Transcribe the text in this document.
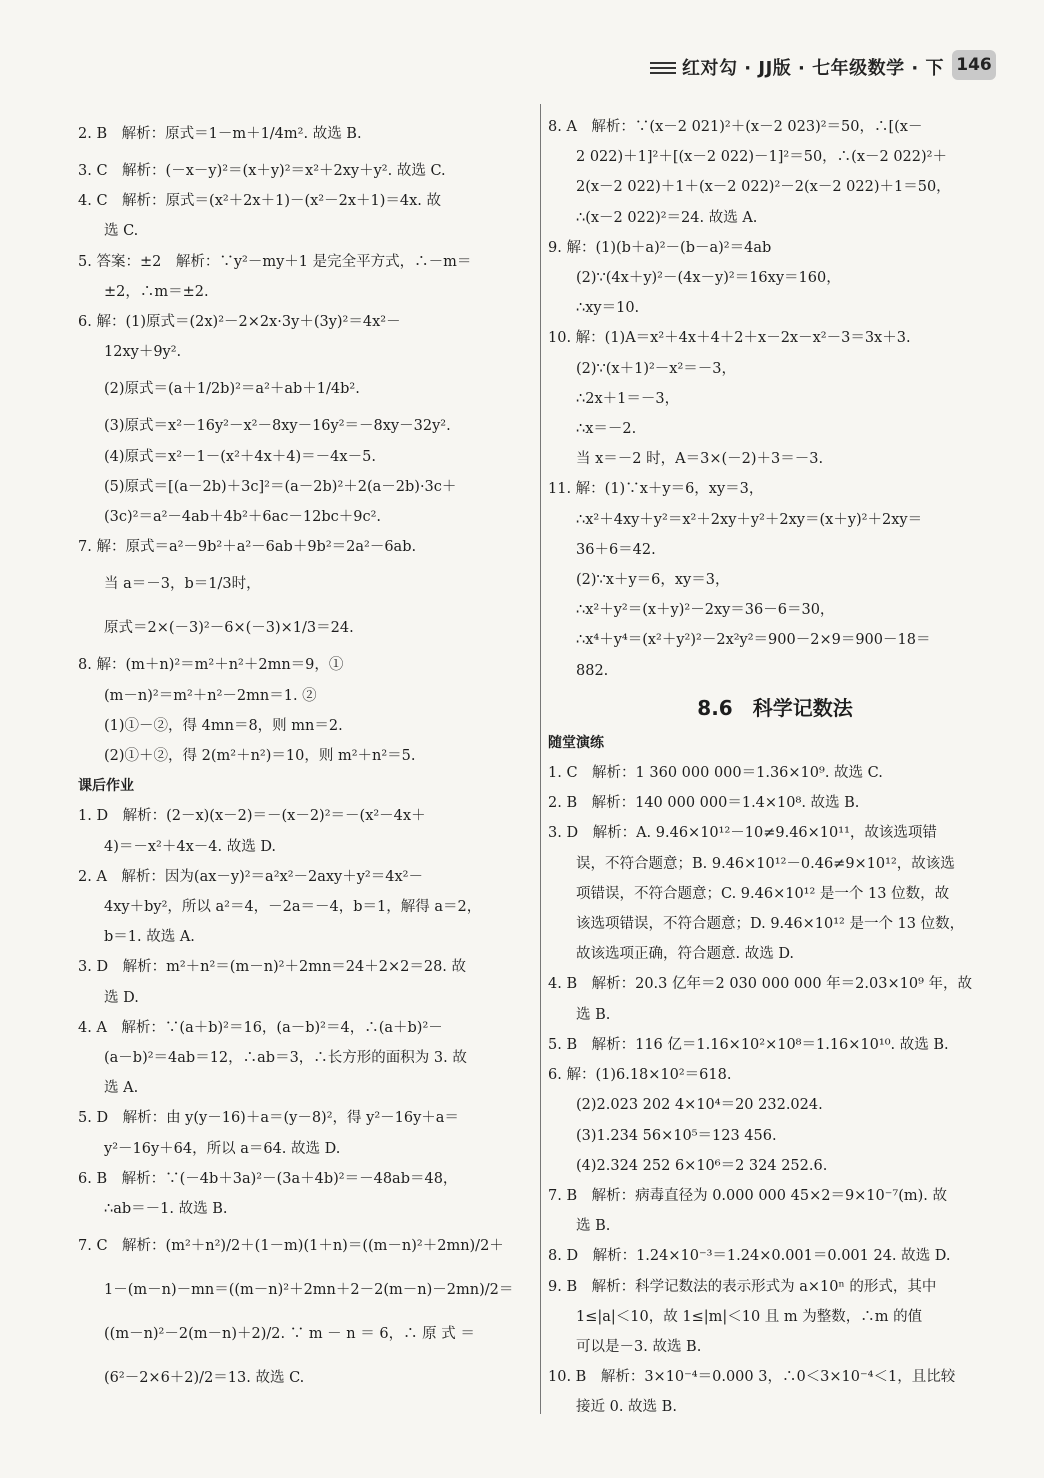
红对勾 · JJ版 · 七年级数学 · 下 146
2. B　解析：原式＝1－m＋1/4m². 故选 B.
3. C　解析：(－x－y)²＝(x＋y)²＝x²＋2xy＋y². 故选 C.
4. C　解析：原式＝(x²＋2x＋1)－(x²－2x＋1)＝4x. 故
选 C.
5. 答案：±2　解析：∵y²－my＋1 是完全平方式，∴－m＝
±2，∴m＝±2.
6. 解：(1)原式＝(2x)²－2×2x·3y＋(3y)²＝4x²－
12xy＋9y².
(2)原式＝(a＋1/2b)²＝a²＋ab＋1/4b².
(3)原式＝x²－16y²－x²－8xy－16y²＝－8xy－32y².
(4)原式＝x²－1－(x²＋4x＋4)＝－4x－5.
(5)原式＝[(a－2b)＋3c]²＝(a－2b)²＋2(a－2b)·3c＋
(3c)²＝a²－4ab＋4b²＋6ac－12bc＋9c².
7. 解：原式＝a²－9b²＋a²－6ab＋9b²＝2a²－6ab.
当 a＝－3，b＝1/3时，
原式＝2×(－3)²－6×(－3)×1/3＝24.
8. 解：(m＋n)²＝m²＋n²＋2mn＝9，①
(m－n)²＝m²＋n²－2mn＝1. ②
(1)①－②，得 4mn＝8，则 mn＝2.
(2)①＋②，得 2(m²＋n²)＝10，则 m²＋n²＝5.
课后作业
1. D　解析：(2－x)(x－2)＝－(x－2)²＝－(x²－4x＋
4)＝－x²＋4x－4. 故选 D.
2. A　解析：因为(ax－y)²＝a²x²－2axy＋y²＝4x²－
4xy＋by²，所以 a²＝4，－2a＝－4，b＝1，解得 a＝2，
b＝1. 故选 A.
3. D　解析：m²＋n²＝(m－n)²＋2mn＝24＋2×2＝28. 故
选 D.
4. A　解析：∵(a＋b)²＝16，(a－b)²＝4，∴(a＋b)²－
(a－b)²＝4ab＝12，∴ab＝3，∴长方形的面积为 3. 故
选 A.
5. D　解析：由 y(y－16)＋a＝(y－8)²，得 y²－16y＋a＝
y²－16y＋64，所以 a＝64. 故选 D.
6. B　解析：∵(－4b＋3a)²－(3a＋4b)²＝－48ab＝48，
∴ab＝－1. 故选 B.
7. C　解析：(m²＋n²)/2＋(1－m)(1＋n)＝((m－n)²＋2mn)/2＋
1－(m－n)－mn＝((m－n)²＋2mn＋2－2(m－n)－2mn)/2＝
((m－n)²－2(m－n)＋2)/2. ∵ m － n ＝ 6，∴ 原 式 ＝
(6²－2×6＋2)/2＝13. 故选 C.
8. A　解析：∵(x－2 021)²＋(x－2 023)²＝50，∴[(x－
2 022)＋1]²＋[(x－2 022)－1]²＝50，∴(x－2 022)²＋
2(x－2 022)＋1＋(x－2 022)²－2(x－2 022)＋1＝50，
∴(x－2 022)²＝24. 故选 A.
9. 解：(1)(b＋a)²－(b－a)²＝4ab
(2)∵(4x＋y)²－(4x－y)²＝16xy＝160，
∴xy＝10.
10. 解：(1)A＝x²＋4x＋4＋2＋x－2x－x²－3＝3x＋3.
(2)∵(x＋1)²－x²＝－3，
∴2x＋1＝－3，
∴x＝－2.
当 x＝－2 时，A＝3×(－2)＋3＝－3.
11. 解：(1)∵x＋y＝6，xy＝3，
∴x²＋4xy＋y²＝x²＋2xy＋y²＋2xy＝(x＋y)²＋2xy＝
36＋6＝42.
(2)∵x＋y＝6，xy＝3，
∴x²＋y²＝(x＋y)²－2xy＝36－6＝30，
∴x⁴＋y⁴＝(x²＋y²)²－2x²y²＝900－2×9＝900－18＝
882.
8.6　科学记数法
随堂演练
1. C　解析：1 360 000 000＝1.36×10⁹. 故选 C.
2. B　解析：140 000 000＝1.4×10⁸. 故选 B.
3. D　解析：A. 9.46×10¹²－10≠9.46×10¹¹，故该选项错
误，不符合题意；B. 9.46×10¹²－0.46≠9×10¹²，故该选
项错误，不符合题意；C. 9.46×10¹² 是一个 13 位数，故
该选项错误，不符合题意；D. 9.46×10¹² 是一个 13 位数，
故该选项正确，符合题意. 故选 D.
4. B　解析：20.3 亿年＝2 030 000 000 年＝2.03×10⁹ 年，故
选 B.
5. B　解析：116 亿＝1.16×10²×10⁸＝1.16×10¹⁰. 故选 B.
6. 解：(1)6.18×10²＝618.
(2)2.023 202 4×10⁴＝20 232.024.
(3)1.234 56×10⁵＝123 456.
(4)2.324 252 6×10⁶＝2 324 252.6.
7. B　解析：病毒直径为 0.000 000 45×2＝9×10⁻⁷(m). 故
选 B.
8. D　解析：1.24×10⁻³＝1.24×0.001＝0.001 24. 故选 D.
9. B　解析：科学记数法的表示形式为 a×10ⁿ 的形式，其中
1≤|a|＜10，故 1≤|m|＜10 且 m 为整数，∴m 的值
可以是－3. 故选 B.
10. B　解析：3×10⁻⁴＝0.000 3，∴0＜3×10⁻⁴＜1，且比较
接近 0. 故选 B.
